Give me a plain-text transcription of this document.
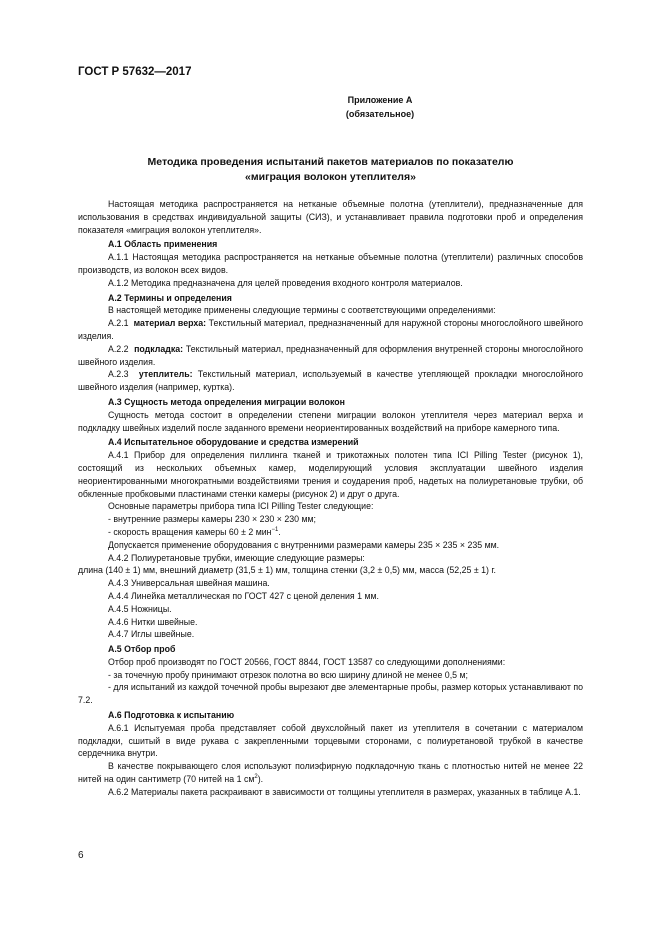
ГОСТ Р 57632—2017
Приложение А
(обязательное)
Методика проведения испытаний пакетов материалов по показателю
«миграция волокон утеплителя»

Настоящая методика распространяется на нетканые объемные полотна (утеплители), предназначенные для использования в средствах индивидуальной защиты (СИЗ), и устанавливает правила подготовки проб и определения показателя «миграция волокон утеплителя».

А.1 Область применения

А.1.1 Настоящая методика распространяется на нетканые объемные полотна (утеплители) различных способов производств, из волокон всех видов.

А.1.2 Методика предназначена для целей проведения входного контроля материалов.

А.2 Термины и определения

В настоящей методике применены следующие термины с соответствующими определениями:

А.2.1 материал верха: Текстильный материал, предназначенный для наружной стороны многослойного швейного изделия.

А.2.2 подкладка: Текстильный материал, предназначенный для оформления внутренней стороны многослойного швейного изделия.

А.2.3 утеплитель: Текстильный материал, используемый в качестве утепляющей прокладки многослойного швейного изделия (например, куртка).

А.3 Сущность метода определения миграции волокон

Сущность метода состоит в определении степени миграции волокон утеплителя через материал верха и подкладку швейных изделий после заданного времени неориентированных воздействий на приборе камерного типа.

А.4 Испытательное оборудование и средства измерений

А.4.1 Прибор для определения пиллинга тканей и трикотажных полотен типа ICI Pilling Tester (рисунок 1), состоящий из нескольких объемных камер, моделирующий условия эксплуатации швейного изделия неориентированными многократными воздействиями трения и соударения проб, надетых на полиуретановые трубки, об обкленные пробковыми пластинами стенки камеры (рисунок 2) и друг о друга.

Основные параметры прибора типа ICI Pilling Tester следующие:

- внутренние размеры камеры 230 × 230 × 230 мм;

- скорость вращения камеры 60 ± 2 мин$^{-1}$.

Допускается применение оборудования с внутренними размерами камеры 235 × 235 × 235 мм.

А.4.2 Полиуретановые трубки, имеющие следующие размеры:

длина (140 ± 1) мм, внешний диаметр (31,5 ± 1) мм, толщина стенки (3,2 ± 0,5) мм, масса (52,25 ± 1) г.

А.4.3 Универсальная швейная машина.

А.4.4 Линейка металлическая по ГОСТ 427 с ценой деления 1 мм.

А.4.5 Ножницы.

А.4.6 Нитки швейные.

А.4.7 Иглы швейные.

А.5 Отбор проб

Отбор проб производят по ГОСТ 20566, ГОСТ 8844, ГОСТ 13587 со следующими дополнениями:

- за точечную пробу принимают отрезок полотна во всю ширину длиной не менее 0,5 м;

- для испытаний из каждой точечной пробы вырезают две элементарные пробы, размер которых устанавливают по 7.2.

А.6 Подготовка к испытанию

А.6.1 Испытуемая проба представляет собой двухслойный пакет из утеплителя в сочетании с материалом подкладки, сшитый в виде рукава с закрепленными торцевыми сторонами, с полиуретановой трубкой в качестве сердечника внутри.

В качестве покрывающего слоя используют полиэфирную подкладочную ткань с плотностью нитей не менее 22 нитей на один сантиметр (70 нитей на 1 $см^2$).

А.6.2 Материалы пакета раскраивают в зависимости от толщины утеплителя в размерах, указанных в таблице А.1.

6
